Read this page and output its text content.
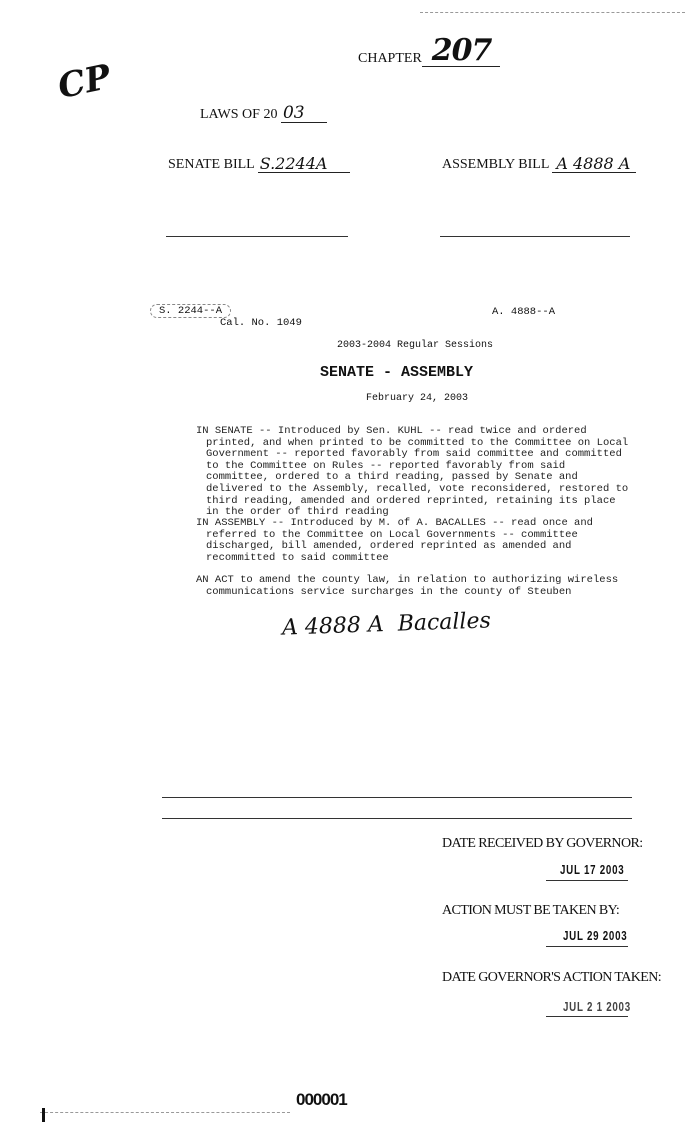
CP	CHAPTER 207
LAWS OF 20 03
SENATE BILL S.2244A	ASSEMBLY BILL A 4888 A
S. 2244--A
Cal. No. 1049
A. 4888--A
2003-2004 Regular Sessions
SENATE - ASSEMBLY
February 24, 2003
IN SENATE -- Introduced by Sen. KUHL -- read twice and ordered printed, and when printed to be committed to the Committee on Local Government -- reported favorably from said committee and committed to the Committee on Rules -- reported favorably from said committee, ordered to a third reading, passed by Senate and delivered to the Assembly, recalled, vote reconsidered, restored to third reading, amended and ordered reprinted, retaining its place in the order of third reading
IN ASSEMBLY -- Introduced by M. of A. BACALLES -- read once and referred to the Committee on Local Governments -- committee discharged, bill amended, ordered reprinted as amended and recommitted to said committee
AN ACT to amend the county law, in relation to authorizing wireless communications service surcharges in the county of Steuben
A 4888 A  Bacalles
DATE RECEIVED BY GOVERNOR:
JUL 17 2003
ACTION MUST BE TAKEN BY:
JUL 29 2003
DATE GOVERNOR'S ACTION TAKEN:
JUL 2 1 2003
000001
